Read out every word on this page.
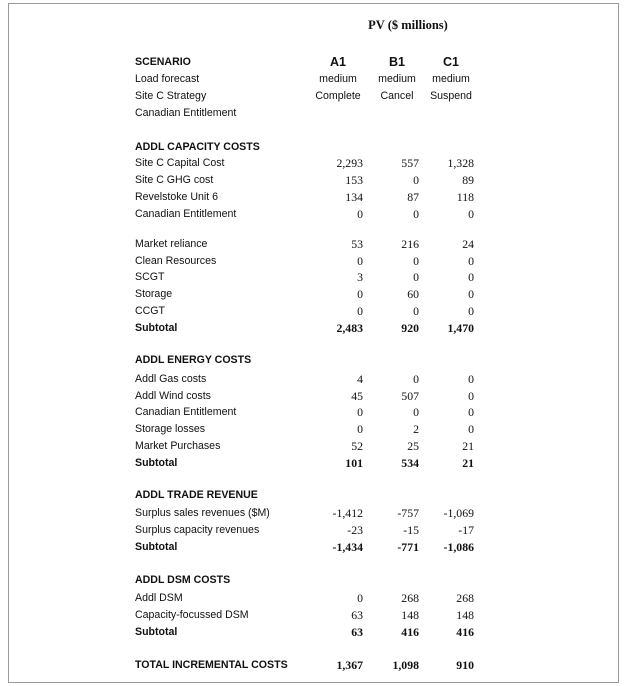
PV ($ millions)
SCENARIO	A1	B1	C1
Load forecast	medium	medium	medium
Site C Strategy	Complete	Cancel	Suspend
Canadian Entitlement
ADDL CAPACITY COSTS
Site C Capital Cost	2,293	557	1,328
Site C GHG cost	153	0	89
Revelstoke Unit 6	134	87	118
Canadian Entitlement	0	0	0
Market reliance	53	216	24
Clean Resources	0	0	0
SCGT	3	0	0
Storage	0	60	0
CCGT	0	0	0
Subtotal	2,483	920	1,470
ADDL ENERGY COSTS
Addl Gas costs	4	0	0
Addl Wind costs	45	507	0
Canadian Entitlement	0	0	0
Storage losses	0	2	0
Market Purchases	52	25	21
Subtotal	101	534	21
ADDL TRADE REVENUE
Surplus sales revenues ($M)	-1,412	-757	-1,069
Surplus capacity revenues	-23	-15	-17
Subtotal	-1,434	-771	-1,086
ADDL DSM COSTS
Addl DSM	0	268	268
Capacity-focussed DSM	63	148	148
Subtotal	63	416	416
TOTAL INCREMENTAL COSTS	1,367	1,098	910
